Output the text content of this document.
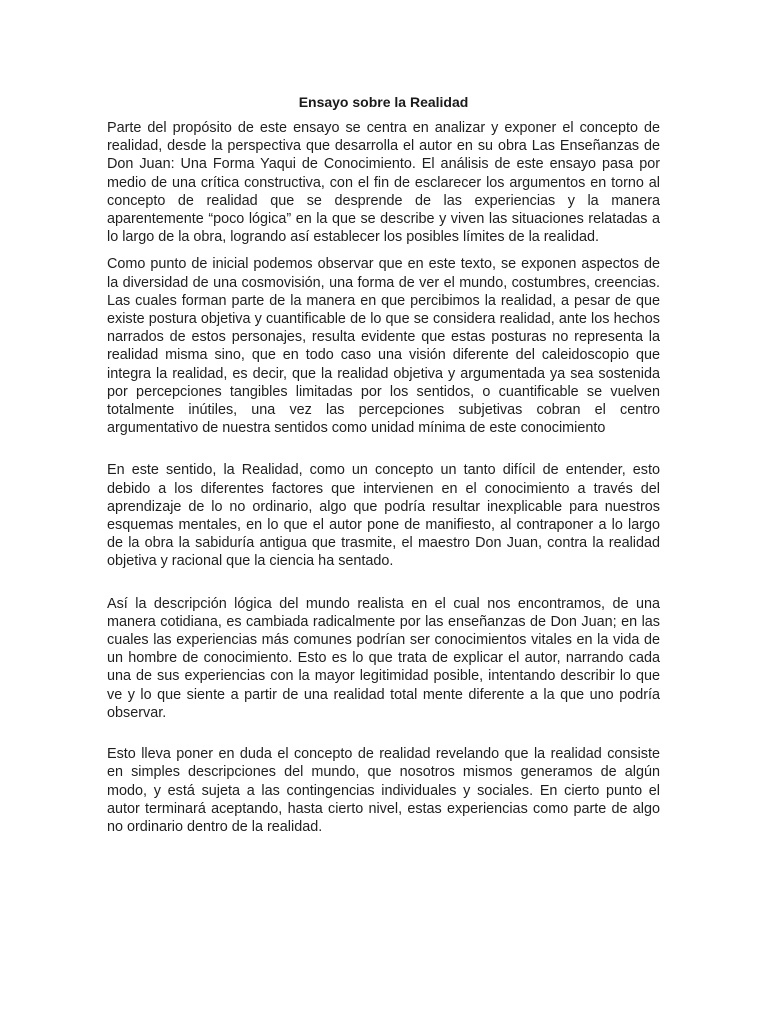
Ensayo sobre la Realidad

Parte del propósito de este ensayo se centra en analizar y exponer el concepto de realidad, desde la perspectiva que desarrolla el autor en su obra Las Enseñanzas de Don Juan: Una Forma Yaqui de Conocimiento. El análisis de este ensayo pasa por medio de una crítica constructiva, con el fin de esclarecer los argumentos en torno al concepto de realidad que se desprende de las experiencias y la manera aparentemente “poco lógica” en la que se describe y viven las situaciones relatadas a lo largo de la obra, logrando así establecer los posibles límites de la realidad.

Como punto de inicial podemos observar que en este texto, se exponen aspectos de la diversidad de una cosmovisión, una forma de ver el mundo, costumbres, creencias. Las cuales forman parte de la manera en que percibimos la realidad, a pesar de que existe postura objetiva y cuantificable de lo que se considera realidad, ante los hechos narrados de estos personajes, resulta evidente que estas posturas no representa la realidad misma sino, que en todo caso una visión diferente del caleidoscopio que integra la realidad, es decir, que la realidad objetiva y argumentada ya sea sostenida por percepciones tangibles limitadas por los sentidos, o cuantificable se vuelven totalmente inútiles, una vez las percepciones subjetivas cobran el centro argumentativo de nuestra sentidos como unidad mínima de este conocimiento

En este sentido, la Realidad, como un concepto un tanto difícil de entender, esto debido a los diferentes factores que intervienen en el conocimiento a través del aprendizaje de lo no ordinario, algo que podría resultar inexplicable para nuestros esquemas mentales, en lo que el autor pone de manifiesto, al contraponer a lo largo de la obra la sabiduría antigua que trasmite, el maestro Don Juan, contra la realidad objetiva y racional que la ciencia ha sentado.

Así la descripción lógica del mundo realista en el cual nos encontramos, de una manera cotidiana, es cambiada radicalmente por las enseñanzas de Don Juan; en las cuales las experiencias más comunes podrían ser conocimientos vitales en la vida de un hombre de conocimiento. Esto es lo que trata de explicar el autor, narrando cada una de sus experiencias con la mayor legitimidad posible, intentando describir lo que ve y lo que siente a partir de una realidad total mente diferente a la que uno podría observar.

Esto lleva poner en duda el concepto de realidad revelando que la realidad consiste en simples descripciones del mundo, que nosotros mismos generamos de algún modo, y está sujeta a las contingencias individuales y sociales. En cierto punto el autor terminará aceptando, hasta cierto nivel, estas experiencias como parte de algo no ordinario dentro de la realidad.
